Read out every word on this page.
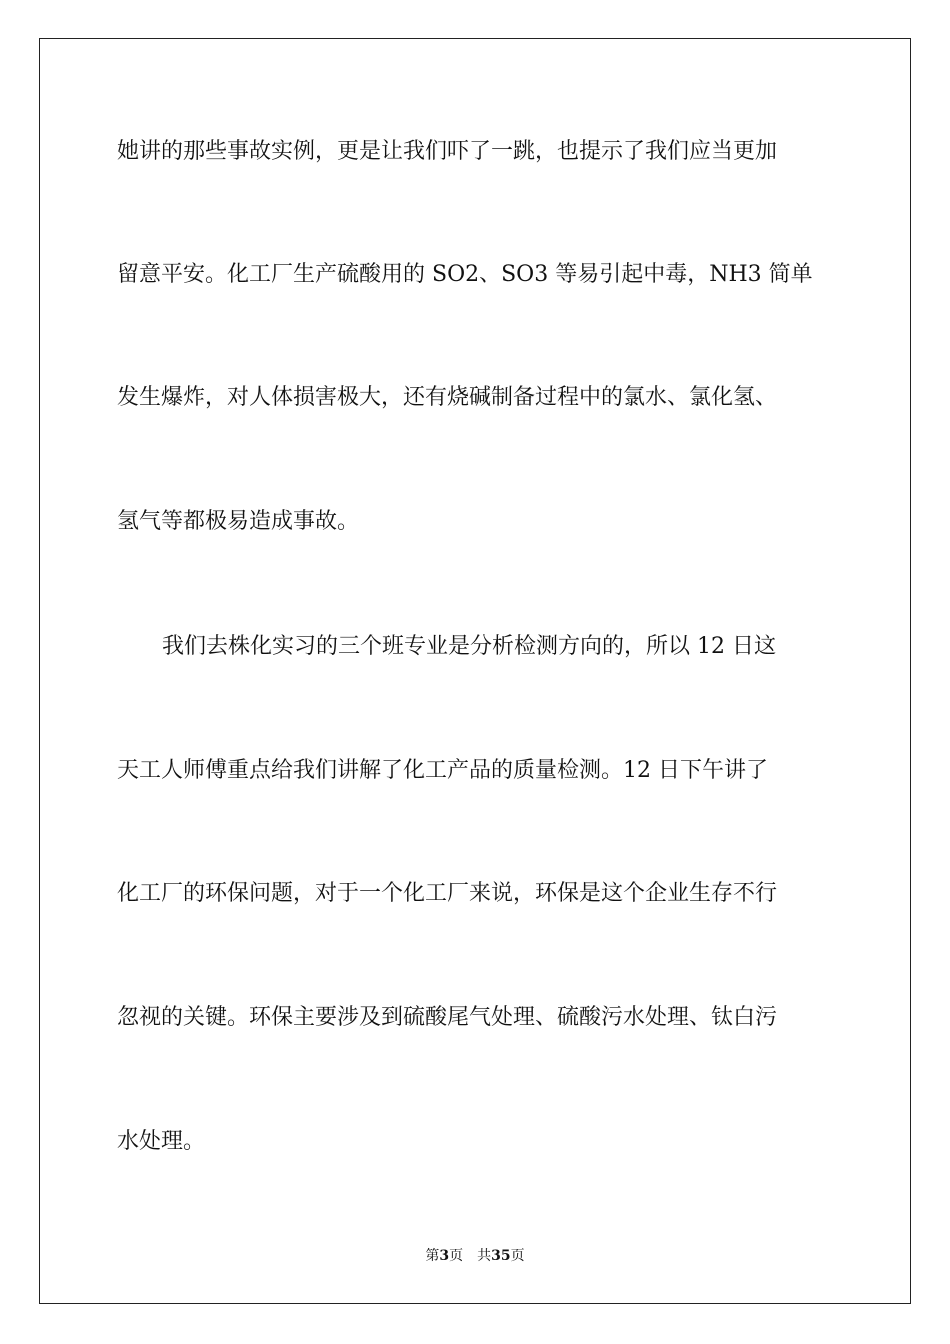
她讲的那些事故实例，更是让我们吓了一跳，也提示了我们应当更加
留意平安。化工厂生产硫酸用的 SO2、SO3 等易引起中毒，NH3 简单
发生爆炸，对人体损害极大，还有烧碱制备过程中的氯水、氯化氢、
氢气等都极易造成事故。
我们去株化实习的三个班专业是分析检测方向的，所以 12 日这
天工人师傅重点给我们讲解了化工产品的质量检测。12 日下午讲了
化工厂的环保问题，对于一个化工厂来说，环保是这个企业生存不行
忽视的关键。环保主要涉及到硫酸尾气处理、硫酸污水处理、钛白污
水处理。
第3页 共35页
